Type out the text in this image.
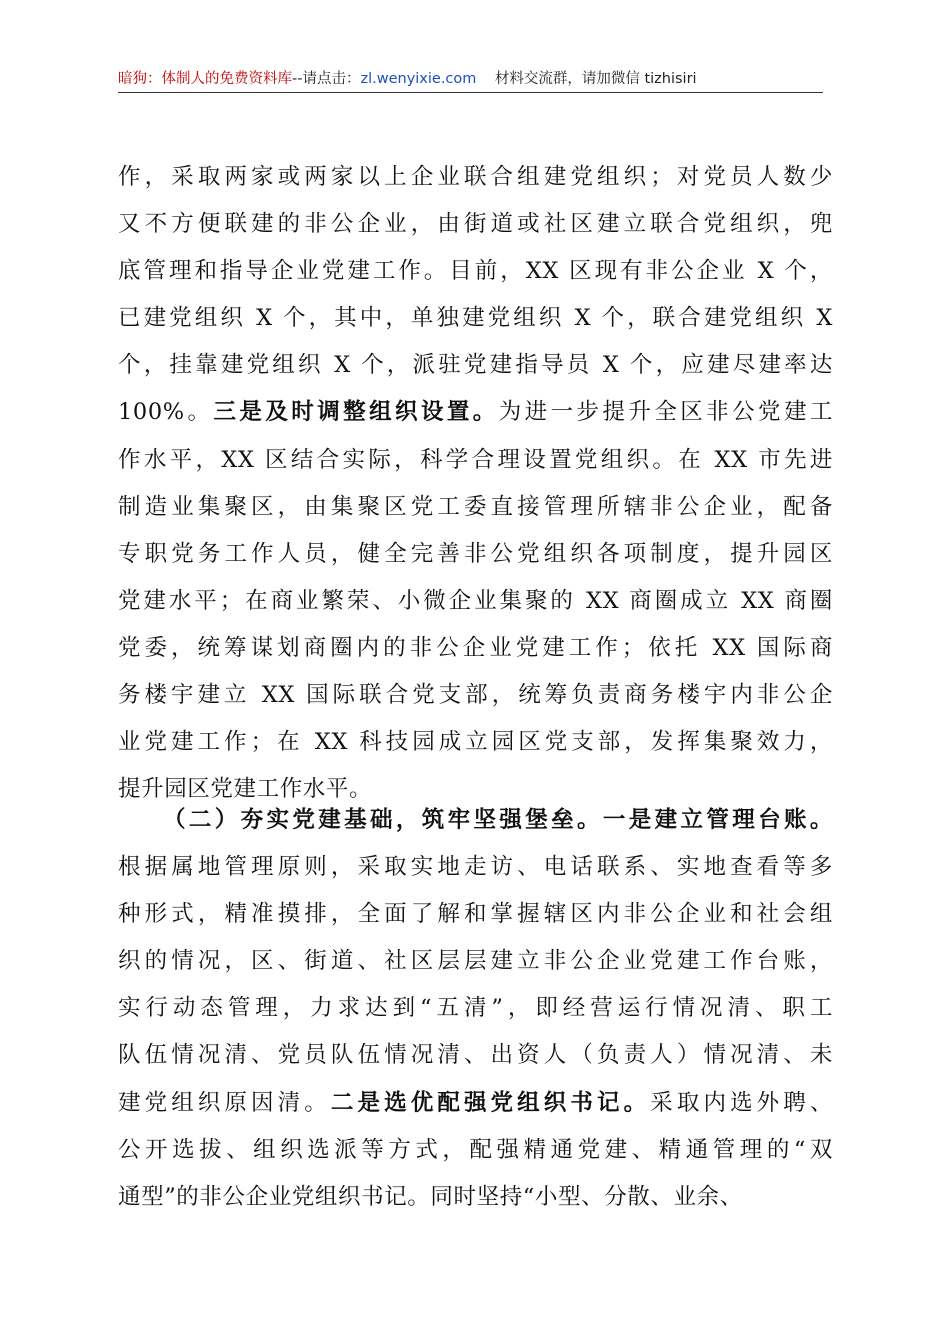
暗狗：体制人的免费资料库--请点击：zl.wenyixie.com 材料交流群，请加微信 tizhisiri
作，采取两家或两家以上企业联合组建党组织；对党员人数少
又不方便联建的非公企业，由街道或社区建立联合党组织，兜
底管理和指导企业党建工作。目前，XX 区现有非公企业 X 个，
已建党组织 X 个，其中，单独建党组织 X 个，联合建党组织 X
个，挂靠建党组织 X 个，派驻党建指导员 X 个，应建尽建率达
100%。三是及时调整组织设置。为进一步提升全区非公党建工
作水平，XX 区结合实际，科学合理设置党组织。在 XX 市先进
制造业集聚区，由集聚区党工委直接管理所辖非公企业，配备
专职党务工作人员，健全完善非公党组织各项制度，提升园区
党建水平；在商业繁荣、小微企业集聚的 XX 商圈成立 XX 商圈
党委，统筹谋划商圈内的非公企业党建工作；依托 XX 国际商
务楼宇建立 XX 国际联合党支部，统筹负责商务楼宇内非公企
业党建工作；在 XX 科技园成立园区党支部，发挥集聚效力，
提升园区党建工作水平。
（二）夯实党建基础，筑牢坚强堡垒。一是建立管理台账。
根据属地管理原则，采取实地走访、电话联系、实地查看等多
种形式，精准摸排，全面了解和掌握辖区内非公企业和社会组
织的情况，区、街道、社区层层建立非公企业党建工作台账，
实行动态管理，力求达到“五清”，即经营运行情况清、职工
队伍情况清、党员队伍情况清、出资人（负责人）情况清、未
建党组织原因清。二是选优配强党组织书记。采取内选外聘、
公开选拔、组织选派等方式，配强精通党建、精通管理的“双
通型”的非公企业党组织书记。同时坚持“小型、分散、业余、
